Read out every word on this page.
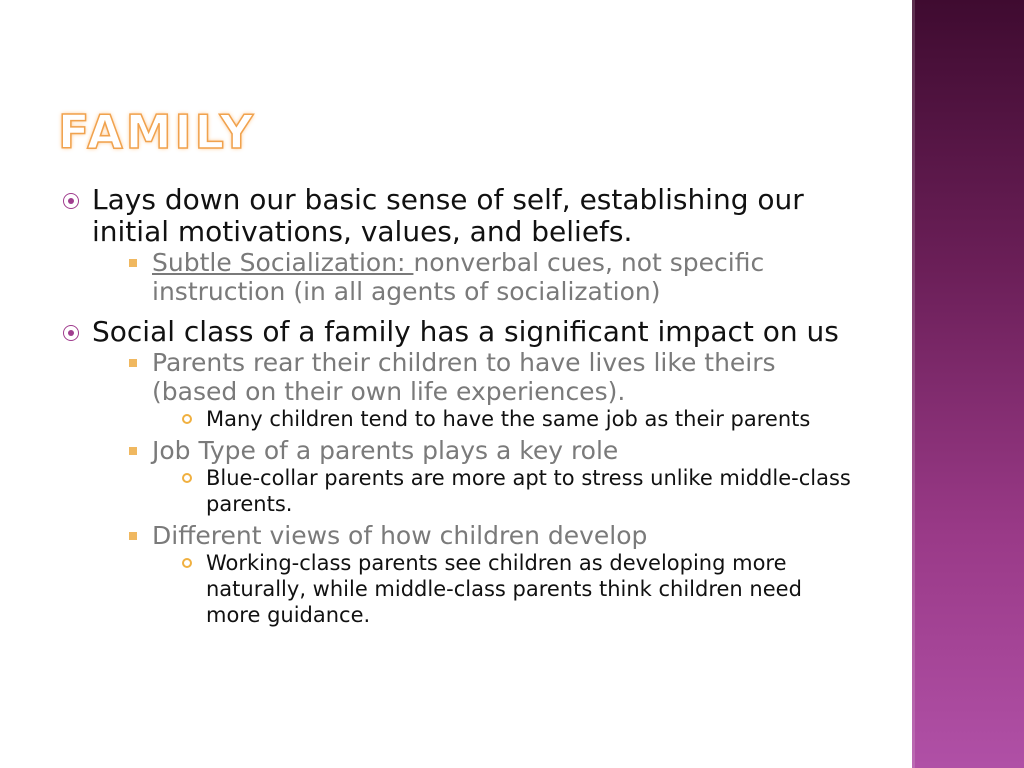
FAMILY
Lays down our basic sense of self, establishing our initial motivations, values, and beliefs.
Subtle Socialization: nonverbal cues, not specific instruction (in all agents of socialization)
Social class of a family has a significant impact on us
Parents rear their children to have lives like theirs (based on their own life experiences).
Many children tend to have the same job as their parents
Job Type of a parents plays a key role
Blue-collar parents are more apt to stress unlike middle-class parents.
Different views of how children develop
Working-class parents see children as developing more naturally, while middle-class parents think children need more guidance.
